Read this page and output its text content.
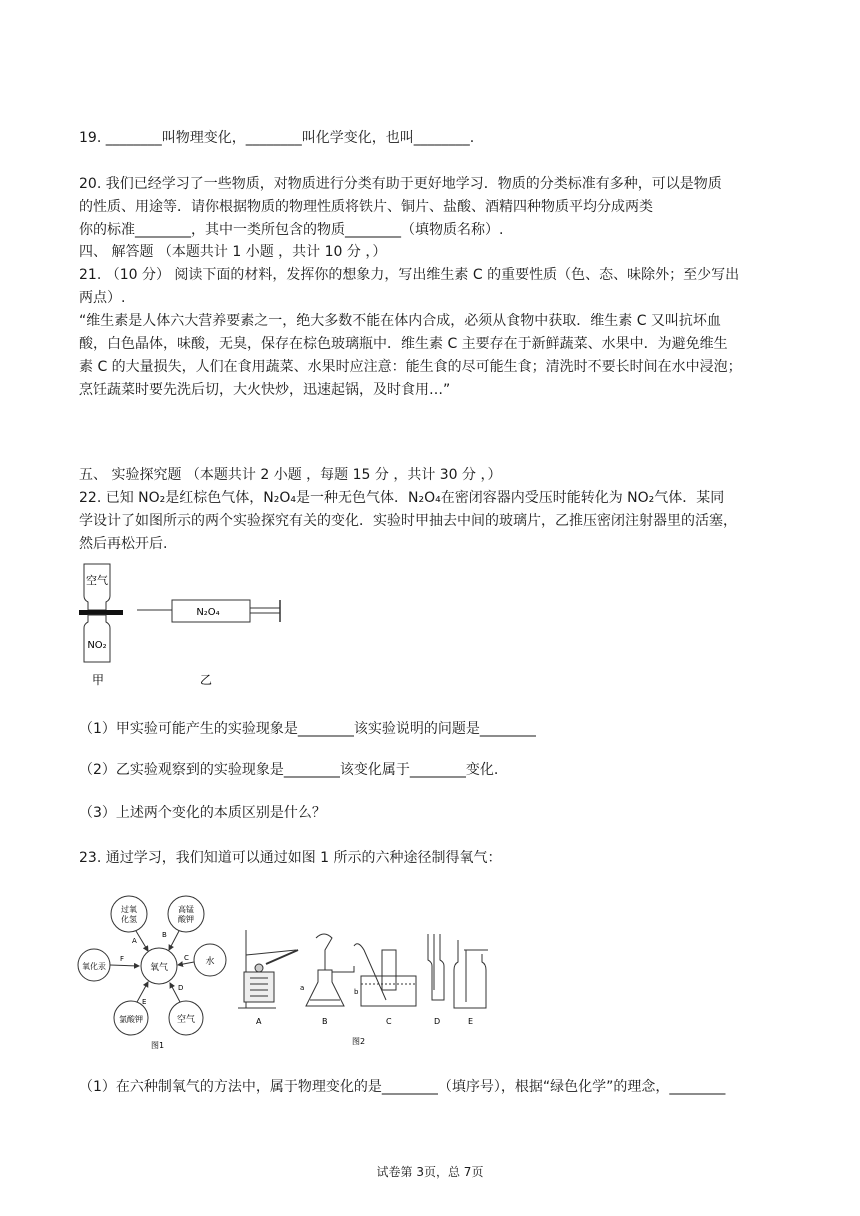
19. ________叫物理变化，________叫化学变化，也叫________.
20. 我们已经学习了一些物质，对物质进行分类有助于更好地学习．物质的分类标准有多种，可以是物质
的性质、用途等．请你根据物质的物理性质将铁片、铜片、盐酸、酒精四种物质平均分成两类
你的标准________，其中一类所包含的物质________（填物质名称）.
四、 解答题 （本题共计 1 小题 ，共计 10 分 ，）
21. （10 分） 阅读下面的材料，发挥你的想象力，写出维生素 C 的重要性质（色、态、味除外；至少写出
两点）.
“维生素是人体六大营养要素之一，绝大多数不能在体内合成，必须从食物中获取．维生素 C 又叫抗坏血
酸，白色晶体，味酸，无臭，保存在棕色玻璃瓶中．维生素 C 主要存在于新鲜蔬菜、水果中．为避免维生
素 C 的大量损失，人们在食用蔬菜、水果时应注意：能生食的尽可能生食；清洗时不要长时间在水中浸泡；
烹饪蔬菜时要先洗后切，大火快炒，迅速起锅，及时食用…”
五、 实验探究题 （本题共计 2 小题 ，每题 15 分 ，共计 30 分 ，）
22. 已知 NO₂是红棕色气体，N₂O₄是一种无色气体．N₂O₄在密闭容器内受压时能转化为 NO₂气体．某同
学设计了如图所示的两个实验探究有关的变化．实验时甲抽去中间的玻璃片，乙推压密闭注射器里的活塞，
然后再松开后.
空气
NO₂
甲
N₂O₄
乙
（1）甲实验可能产生的实验现象是________该实验说明的问题是________
（2）乙实验观察到的实验现象是________该变化属于________变化.
（3）上述两个变化的本质区别是什么？
23. 通过学习，我们知道可以通过如图 1 所示的六种途径制得氧气：
氧气
过氧
化氢
高锰
酸钾
水
空气
氯酸钾
氧化汞
A
B
C
D
E
F
图1
A
a
B
b
C	D	E
图2
（1）在六种制氧气的方法中，属于物理变化的是________（填序号），根据“绿色化学”的理念，________
试卷第 3页，总 7页
